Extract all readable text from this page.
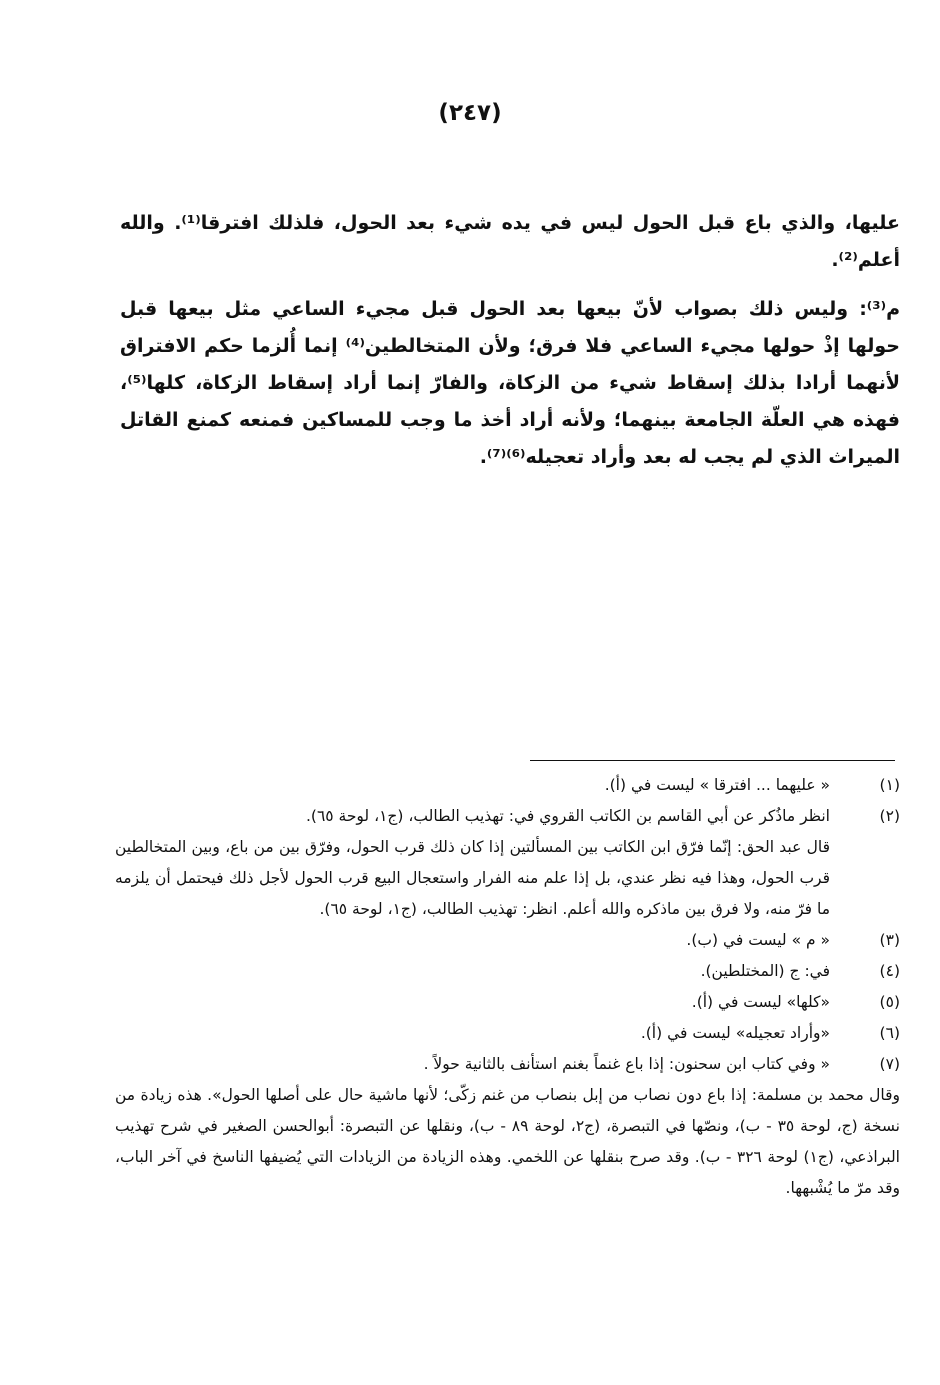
(٢٤٧)

عليها، والذي باع قبل الحول ليس في يده شيء بعد الحول، فلذلك افترقا⁽¹⁾. والله أعلم⁽²⁾.

م⁽³⁾: وليس ذلك بصواب لأنّ بيعها بعد الحول قبل مجيء الساعي مثل بيعها قبل حولها إذْ حولها مجيء الساعي فلا فرق؛ ولأن المتخالطين⁽⁴⁾ إنما أُلزما حكم الافتراق لأنهما أرادا بذلك إسقاط شيء من الزكاة، والفارّ إنما أراد إسقاط الزكاة، كلها⁽⁵⁾، فهذه هي العلّة الجامعة بينهما؛ ولأنه أراد أخذ ما وجب للمساكين فمنعه كمنع القاتل الميراث الذي لم يجب له بعد وأراد تعجيله⁽⁶⁾⁽⁷⁾.

(١)
« عليهما ... افترقا » ليست في (أ).
(٢)
انظر ماذُكر عن أبي القاسم بن الكاتب القروي في: تهذيب الطالب، (ج١، لوحة ٦٥).
قال عبد الحق: إنّما فرّق ابن الكاتب بين المسألتين إذا كان ذلك قرب الحول، وفرّق بين من باع، وبين المتخالطين قرب الحول، وهذا فيه نظر عندي، بل إذا علم منه الفرار واستعجال البيع قرب الحول لأجل ذلك فيحتمل أن يلزمه ما فرّ منه، ولا فرق بين ماذكره والله أعلم. انظر: تهذيب الطالب، (ج١، لوحة ٦٥).
(٣)
« م » ليست في (ب).
(٤)
في: ج (المختلطين).
(٥)
«كلها» ليست في (أ).
(٦)
«وأراد تعجيله» ليست في (أ).
(٧)
« وفي كتاب ابن سحنون: إذا باع غنماً بغنم استأنف بالثانية حولاً .
وقال محمد بن مسلمة: إذا باع دون نصاب من إبل بنصاب من غنم زكّى؛ لأنها ماشية حال على أصلها الحول». هذه زيادة من نسخة (ج، لوحة ٣٥ - ب)، ونصّها في التبصرة، (ج٢، لوحة ٨٩ - ب)، ونقلها عن التبصرة: أبوالحسن الصغير في شرح تهذيب البراذعي، (ج١) لوحة ٣٢٦ - ب). وقد صرح بنقلها عن اللخمي. وهذه الزيادة من الزيادات التي يُضيفها الناسخ في آخر الباب، وقد مرّ ما يُشْبهها.
